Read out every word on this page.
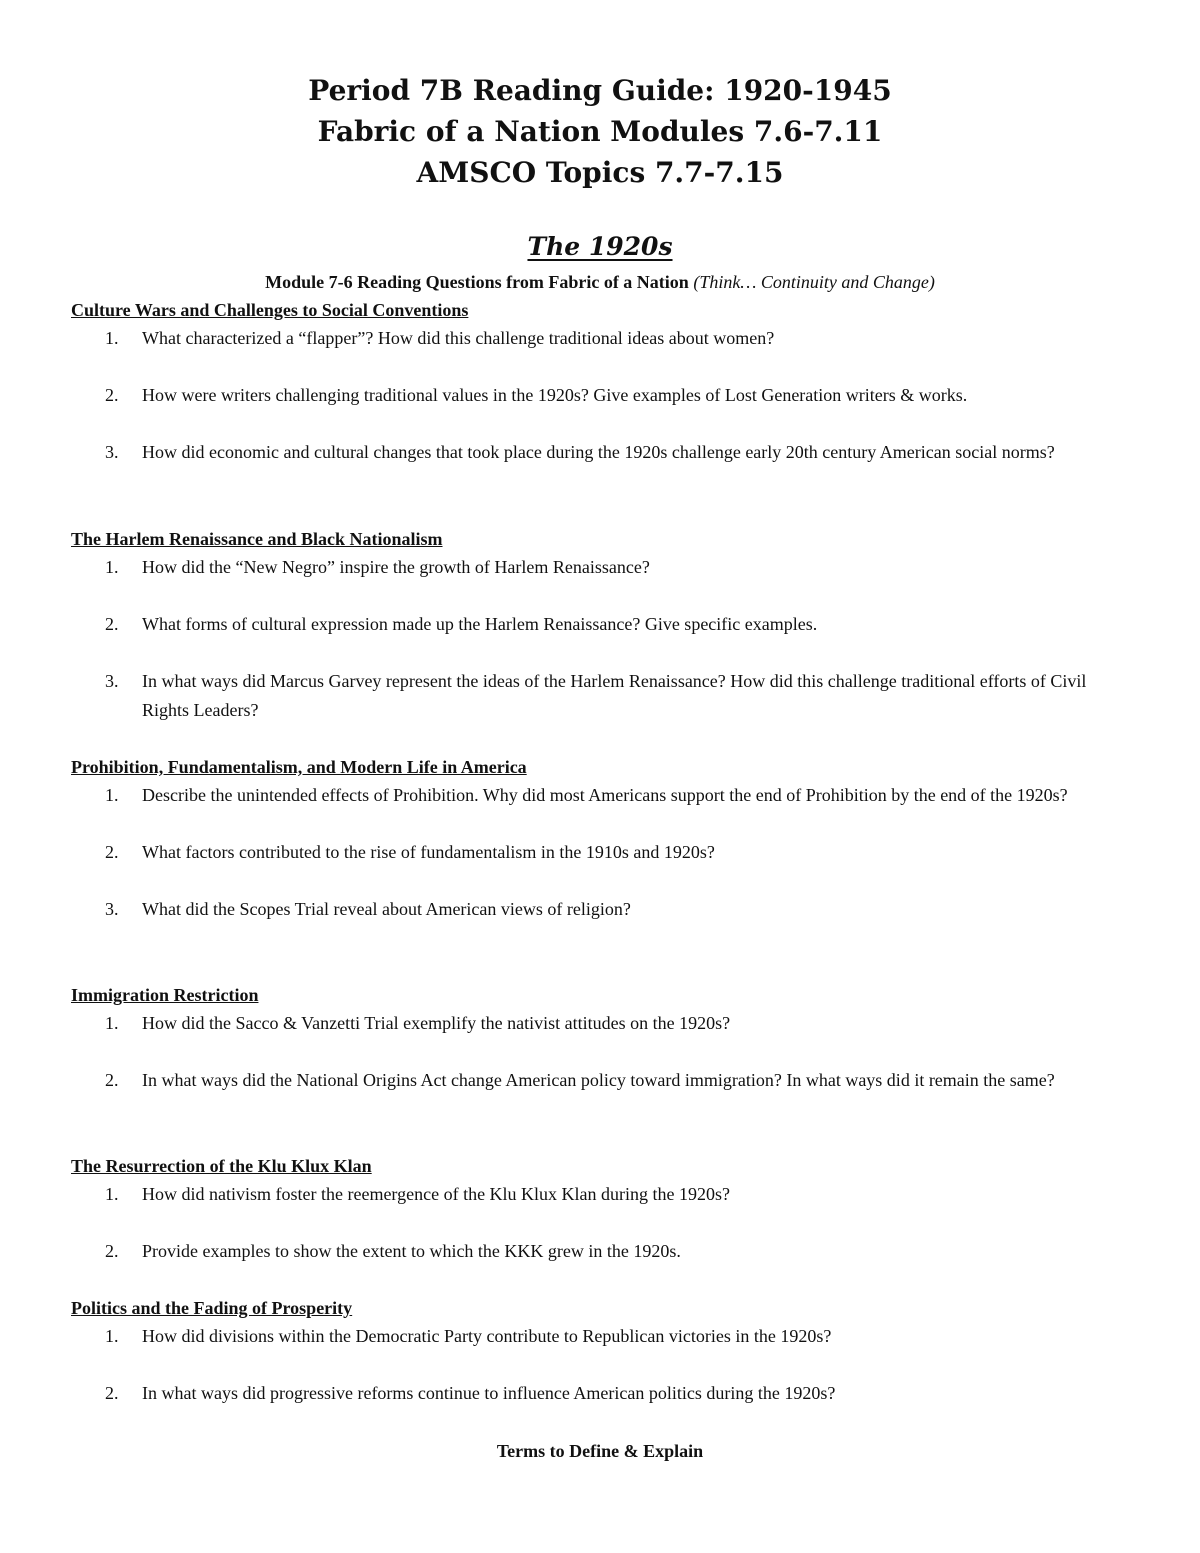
Period 7B Reading Guide: 1920-1945
Fabric of a Nation Modules 7.6-7.11
AMSCO Topics 7.7-7.15
The 1920s
Module 7-6 Reading Questions from Fabric of a Nation (Think… Continuity and Change)
Culture Wars and Challenges to Social Conventions
1. What characterized a “flapper”? How did this challenge traditional ideas about women?
2. How were writers challenging traditional values in the 1920s? Give examples of Lost Generation writers & works.
3. How did economic and cultural changes that took place during the 1920s challenge early 20th century American social norms?
The Harlem Renaissance and Black Nationalism
1. How did the “New Negro” inspire the growth of Harlem Renaissance?
2. What forms of cultural expression made up the Harlem Renaissance? Give specific examples.
3. In what ways did Marcus Garvey represent the ideas of the Harlem Renaissance? How did this challenge traditional efforts of Civil Rights Leaders?
Prohibition, Fundamentalism, and Modern Life in America
1. Describe the unintended effects of Prohibition. Why did most Americans support the end of Prohibition by the end of the 1920s?
2. What factors contributed to the rise of fundamentalism in the 1910s and 1920s?
3. What did the Scopes Trial reveal about American views of religion?
Immigration Restriction
1. How did the Sacco & Vanzetti Trial exemplify the nativist attitudes on the 1920s?
2. In what ways did the National Origins Act change American policy toward immigration? In what ways did it remain the same?
The Resurrection of the Klu Klux Klan
1. How did nativism foster the reemergence of the Klu Klux Klan during the 1920s?
2. Provide examples to show the extent to which the KKK grew in the 1920s.
Politics and the Fading of Prosperity
1. How did divisions within the Democratic Party contribute to Republican victories in the 1920s?
2. In what ways did progressive reforms continue to influence American politics during the 1920s?
Terms to Define & Explain
